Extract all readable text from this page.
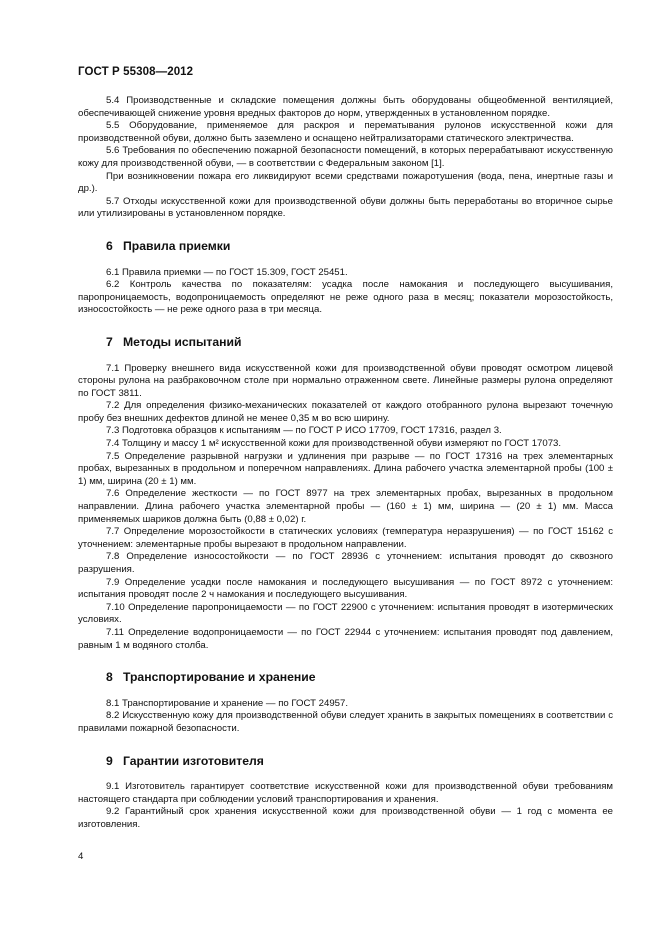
ГОСТ Р 55308—2012

5.4 Производственные и складские помещения должны быть оборудованы общеобменной вентиляцией, обеспечивающей снижение уровня вредных факторов до норм, утвержденных в установленном порядке.

5.5 Оборудование, применяемое для раскроя и перематывания рулонов искусственной кожи для производственной обуви, должно быть заземлено и оснащено нейтрализаторами статического электричества.

5.6 Требования по обеспечению пожарной безопасности помещений, в которых перерабатывают искусственную кожу для производственной обуви, — в соответствии с Федеральным законом [1].

При возникновении пожара его ликвидируют всеми средствами пожаротушения (вода, пена, инертные газы и др.).

5.7 Отходы искусственной кожи для производственной обуви должны быть переработаны во вторичное сырье или утилизированы в установленном порядке.

6 Правила приемки

6.1 Правила приемки — по ГОСТ 15.309, ГОСТ 25451.

6.2 Контроль качества по показателям: усадка после намокания и последующего высушивания, паропроницаемость, водопроницаемость определяют не реже одного раза в месяц; показатели морозостойкость, износостойкость — не реже одного раза в три месяца.

7 Методы испытаний

7.1 Проверку внешнего вида искусственной кожи для производственной обуви проводят осмотром лицевой стороны рулона на разбраковочном столе при нормально отраженном свете. Линейные размеры рулона определяют по ГОСТ 3811.

7.2 Для определения физико-механических показателей от каждого отобранного рулона вырезают точечную пробу без внешних дефектов длиной не менее 0,35 м во всю ширину.

7.3 Подготовка образцов к испытаниям — по ГОСТ Р ИСО 17709, ГОСТ 17316, раздел 3.

7.4 Толщину и массу 1 м² искусственной кожи для производственной обуви измеряют по ГОСТ 17073.

7.5 Определение разрывной нагрузки и удлинения при разрыве — по ГОСТ 17316 на трех элементарных пробах, вырезанных в продольном и поперечном направлениях. Длина рабочего участка элементарной пробы (100 ± 1) мм, ширина (20 ± 1) мм.

7.6 Определение жесткости — по ГОСТ 8977 на трех элементарных пробах, вырезанных в продольном направлении. Длина рабочего участка элементарной пробы — (160 ± 1) мм, ширина — (20 ± 1) мм. Масса применяемых шариков должна быть (0,88 ± 0,02) г.

7.7 Определение морозостойкости в статических условиях (температура неразрушения) — по ГОСТ 15162 с уточнением: элементарные пробы вырезают в продольном направлении.

7.8 Определение износостойкости — по ГОСТ 28936 с уточнением: испытания проводят до сквозного разрушения.

7.9 Определение усадки после намокания и последующего высушивания — по ГОСТ 8972 с уточнением: испытания проводят после 2 ч намокания и последующего высушивания.

7.10 Определение паропроницаемости — по ГОСТ 22900 с уточнением: испытания проводят в изотермических условиях.

7.11 Определение водопроницаемости — по ГОСТ 22944 с уточнением: испытания проводят под давлением, равным 1 м водяного столба.

8 Транспортирование и хранение

8.1 Транспортирование и хранение — по ГОСТ 24957.

8.2 Искусственную кожу для производственной обуви следует хранить в закрытых помещениях в соответствии с правилами пожарной безопасности.

9 Гарантии изготовителя

9.1 Изготовитель гарантирует соответствие искусственной кожи для производственной обуви требованиям настоящего стандарта при соблюдении условий транспортирования и хранения.

9.2 Гарантийный срок хранения искусственной кожи для производственной обуви — 1 год с момента ее изготовления.

4
